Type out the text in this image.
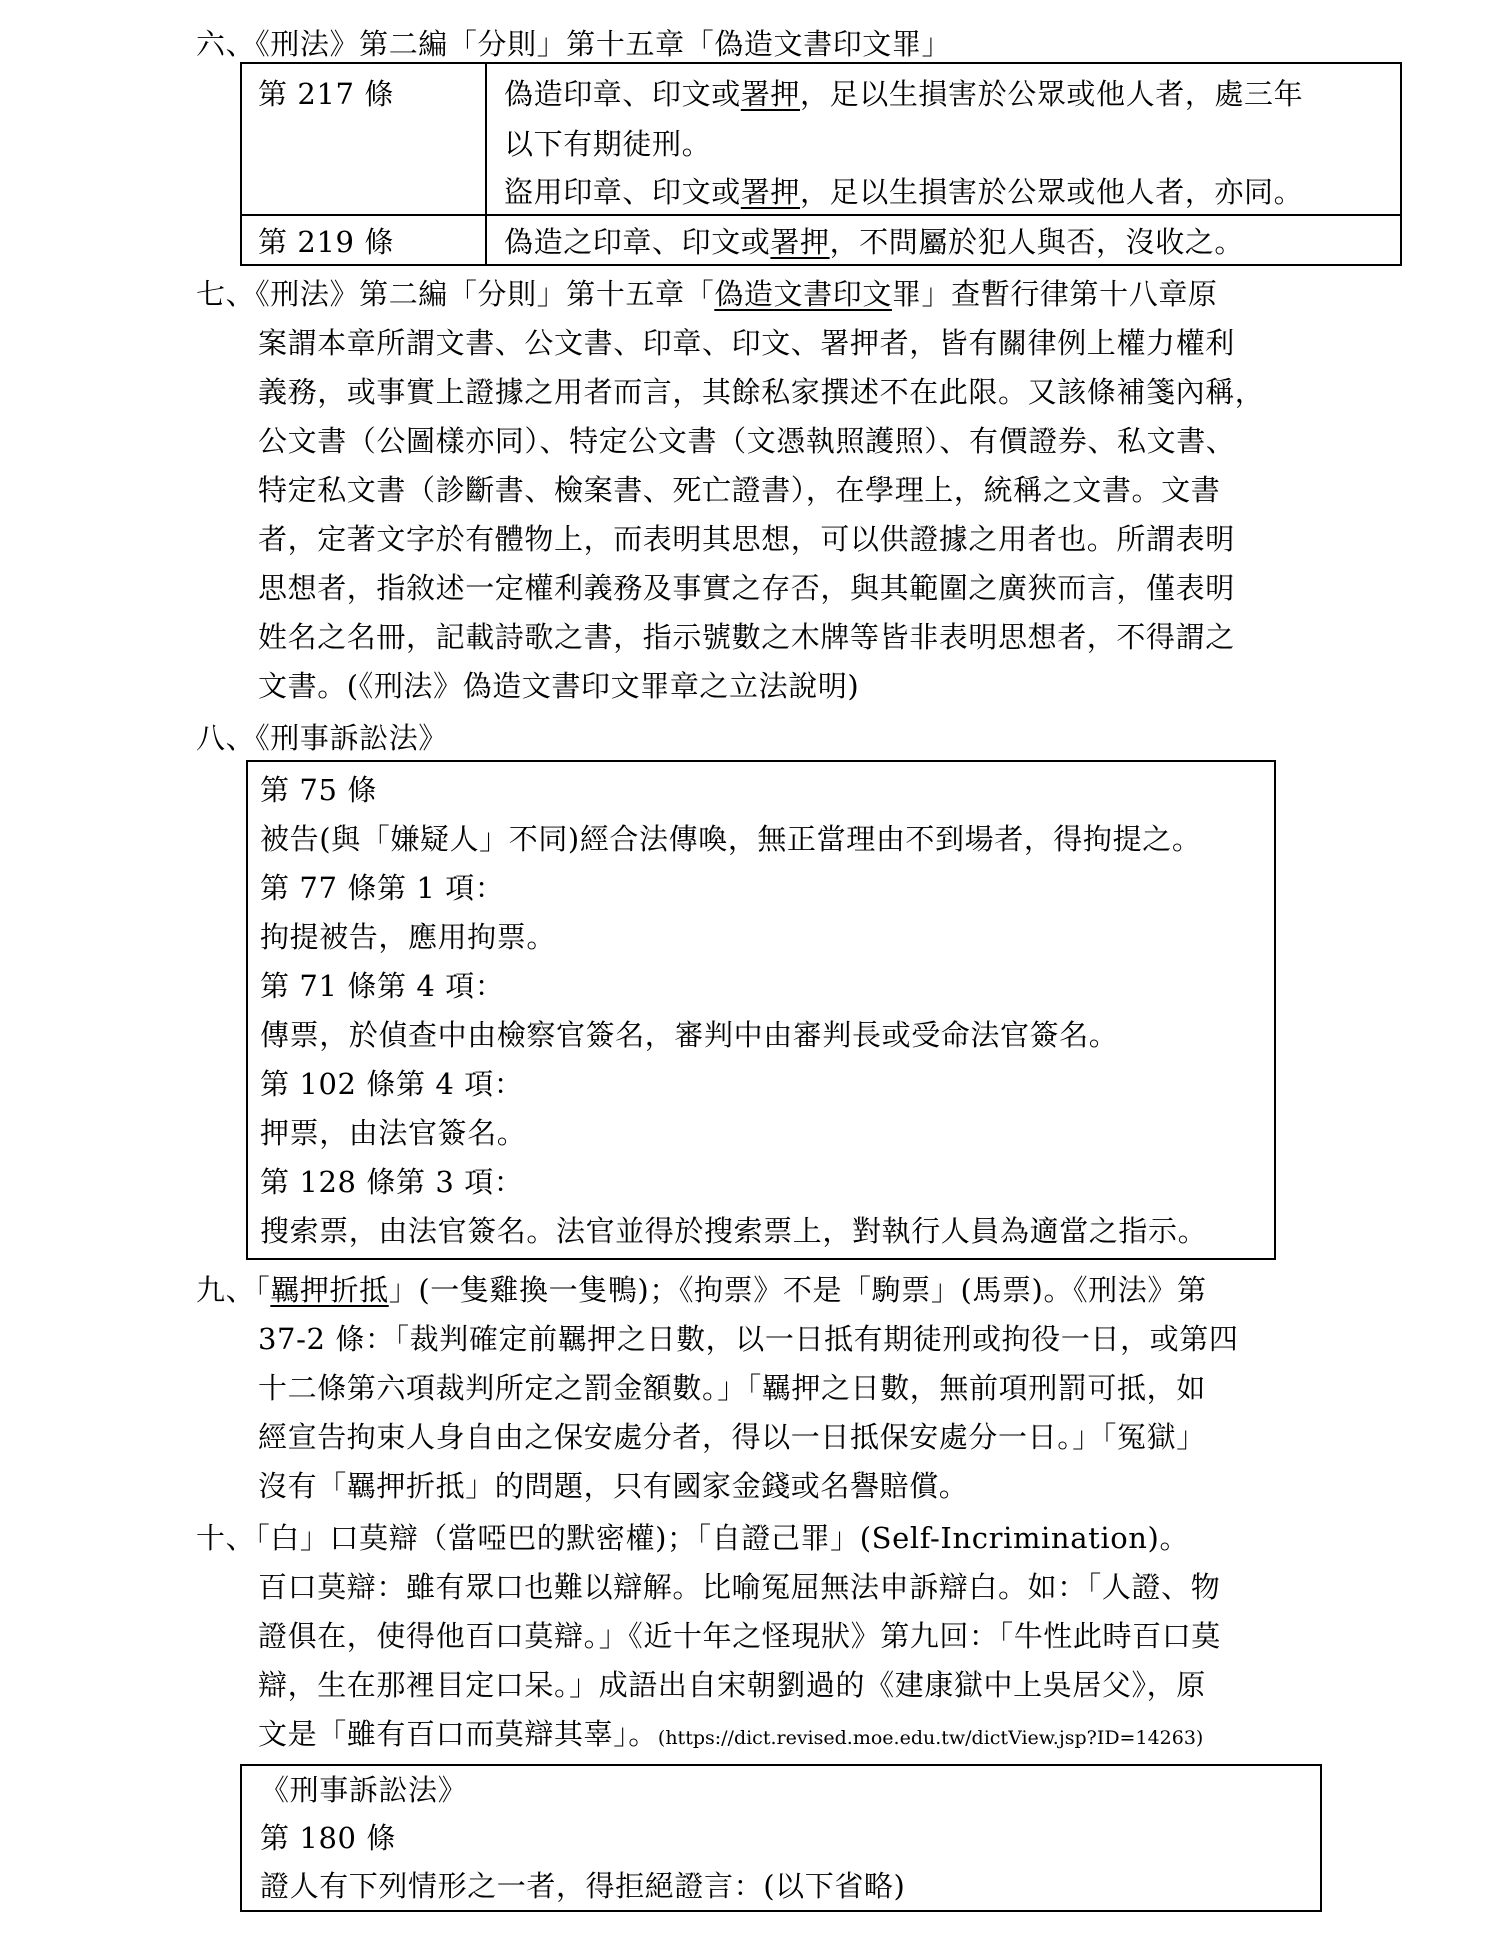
六、《刑法》第二編「分則」第十五章「偽造文書印文罪」
第 217 條	偽造印章、印文或署押，足以生損害於公眾或他人者，處三年
以下有期徒刑。
盜用印章、印文或署押，足以生損害於公眾或他人者，亦同。
第 219 條	偽造之印章、印文或署押，不問屬於犯人與否，沒收之。
七、《刑法》第二編「分則」第十五章「偽造文書印文罪」查暫行律第十八章原
案謂本章所謂文書、公文書、印章、印文、署押者，皆有關律例上權力權利
義務，或事實上證據之用者而言，其餘私家撰述不在此限。又該條補箋內稱，
公文書（公圖樣亦同）、特定公文書（文憑執照護照）、有價證券、私文書、
特定私文書（診斷書、檢案書、死亡證書），在學理上，統稱之文書。文書
者，定著文字於有體物上，而表明其思想，可以供證據之用者也。所謂表明
思想者，指敘述一定權利義務及事實之存否，與其範圍之廣狹而言，僅表明
姓名之名冊，記載詩歌之書，指示號數之木牌等皆非表明思想者，不得謂之
文書。(《刑法》偽造文書印文罪章之立法說明)
八、《刑事訴訟法》
第 75 條
被告(與「嫌疑人」不同)經合法傳喚，無正當理由不到場者，得拘提之。
第 77 條第 1 項：
拘提被告，應用拘票。
第 71 條第 4 項：
傳票，於偵查中由檢察官簽名，審判中由審判長或受命法官簽名。
第 102 條第 4 項：
押票，由法官簽名。
第 128 條第 3 項：
搜索票，由法官簽名。法官並得於搜索票上，對執行人員為適當之指示。
九、「羈押折抵」(一隻雞換一隻鴨)；《拘票》不是「駒票」(馬票)。《刑法》第
37-2 條：「裁判確定前羈押之日數，以一日抵有期徒刑或拘役一日，或第四
十二條第六項裁判所定之罰金額數。」「羈押之日數，無前項刑罰可抵，如
經宣告拘束人身自由之保安處分者，得以一日抵保安處分一日。」「冤獄」
沒有「羈押折抵」的問題，只有國家金錢或名譽賠償。
十、「白」口莫辯（當啞巴的默密權)；「自證己罪」(Self-Incrimination)。
百口莫辯：雖有眾口也難以辯解。比喻冤屈無法申訴辯白。如：「人證、物
證俱在，使得他百口莫辯。」《近十年之怪現狀》第九回：「牛性此時百口莫
辯，生在那裡目定口呆。」成語出自宋朝劉過的《建康獄中上吳居父》，原
文是「雖有百口而莫辯其辜」。(https://dict.revised.moe.edu.tw/dictView.jsp?ID=14263)
《刑事訴訟法》
第 180 條
證人有下列情形之一者，得拒絕證言：(以下省略)
